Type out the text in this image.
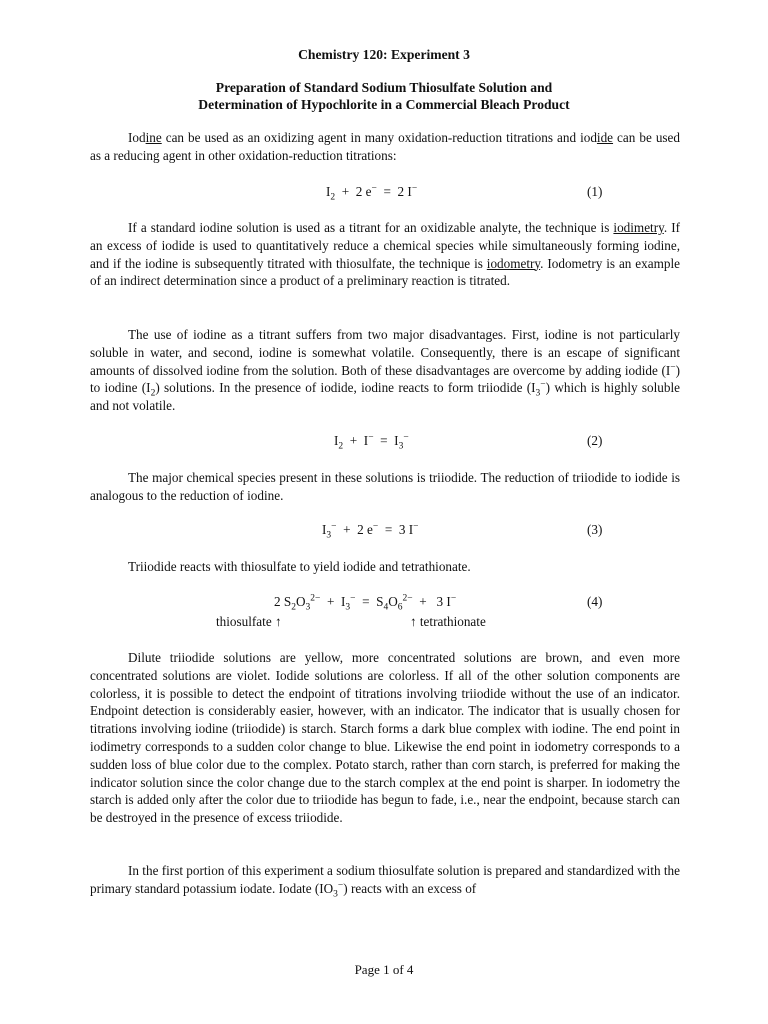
Chemistry 120: Experiment 3
Preparation of Standard Sodium Thiosulfate Solution and
Determination of Hypochlorite in a Commercial Bleach Product
Iodine can be used as an oxidizing agent in many oxidation-reduction titrations and iodide can be used as a reducing agent in other oxidation-reduction titrations:
$I_2 + 2$ e−  =  2 I−	(1)
If a standard iodine solution is used as a titrant for an oxidizable analyte, the technique is iodimetry. If an excess of iodide is used to quantitatively reduce a chemical species while simultaneously forming iodine, and if the iodine is subsequently titrated with thiosulfate, the technique is iodometry. Iodometry is an example of an indirect determination since a product of a preliminary reaction is titrated.
The use of iodine as a titrant suffers from two major disadvantages. First, iodine is not particularly soluble in water, and second, iodine is somewhat volatile. Consequently, there is an escape of significant amounts of dissolved iodine from the solution. Both of these disadvantages are overcome by adding iodide (I−) to iodine $(I_2)$ solutions. In the presence of iodide, iodine reacts to form triiodide $(I_3^-)$ which is highly soluble and not volatile.
$I_2 + I^- = I_3^-$	(2)
The major chemical species present in these solutions is triiodide. The reduction of triiodide to iodide is analogous to the reduction of iodine.
$I_3^- + 2$ e−  =  3 I−	(3)
Triiodide reacts with thiosulfate to yield iodide and tetrathionate.
2 $S_2O_3^{2-} + I_3^- = S_4O_6^{2-} + 3$ I−	(4)
thiosulfate ↑	↑ tetrathionate
Dilute triiodide solutions are yellow, more concentrated solutions are brown, and even more concentrated solutions are violet. Iodide solutions are colorless. If all of the other solution components are colorless, it is possible to detect the endpoint of titrations involving triiodide without the use of an indicator. Endpoint detection is considerably easier, however, with an indicator. The indicator that is usually chosen for titrations involving iodine (triiodide) is starch. Starch forms a dark blue complex with iodine. The end point in iodimetry corresponds to a sudden color change to blue. Likewise the end point in iodometry corresponds to a sudden loss of blue color due to the complex. Potato starch, rather than corn starch, is preferred for making the indicator solution since the color change due to the starch complex at the end point is sharper. In iodometry the starch is added only after the color due to triiodide has begun to fade, i.e., near the endpoint, because starch can be destroyed in the presence of excess triiodide.
In the first portion of this experiment a sodium thiosulfate solution is prepared and standardized with the primary standard potassium iodate. Iodate $(IO_3^-)$ reacts with an excess of
Page 1 of 4
